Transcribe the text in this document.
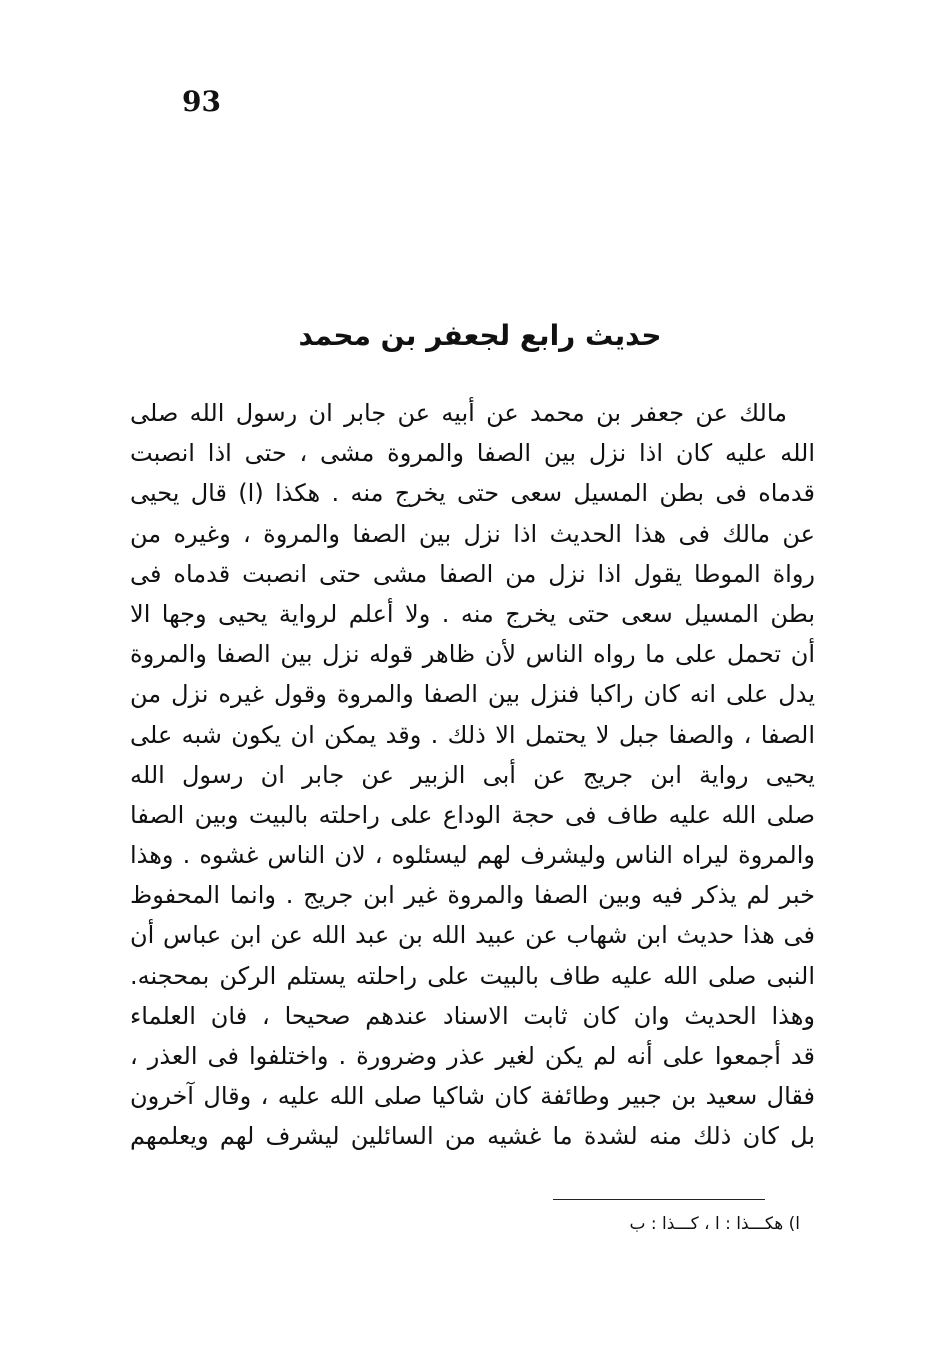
93
حديث رابع لجعفر بن محمد
مالك عن جعفر بن محمد عن أبيه عن جابر ان رسول الله صلى
الله عليه كان اذا نزل بين الصفا والمروة مشى ، حتى اذا انصبت
قدماه فى بطن المسيل سعى حتى يخرج منه . هكذا (ا) قال يحيى
عن مالك فى هذا الحديث اذا نزل بين الصفا والمروة ، وغيره من
رواة الموطا يقول اذا نزل من الصفا مشى حتى انصبت قدماه فى
بطن المسيل سعى حتى يخرج منه . ولا أعلم لرواية يحيى وجها الا
أن تحمل على ما رواه الناس لأن ظاهر قوله نزل بين الصفا والمروة
يدل على انه كان راكبا فنزل بين الصفا والمروة وقول غيره نزل من
الصفا ، والصفا جبل لا يحتمل الا ذلك . وقد يمكن ان يكون شبه على
يحيى رواية ابن جريج عن أبى الزبير عن جابر ان رسول الله
صلى الله عليه طاف فى حجة الوداع على راحلته بالبيت وبين الصفا
والمروة ليراه الناس وليشرف لهم ليسئلوه ، لان الناس غشوه . وهذا
خبر لم يذكر فيه وبين الصفا والمروة غير ابن جريج . وانما المحفوظ
فى هذا حديث ابن شهاب عن عبيد الله بن عبد الله عن ابن عباس أن
النبى صلى الله عليه طاف بالبيت على راحلته يستلم الركن بمحجنه.
وهذا الحديث وان كان ثابت الاسناد عندهم صحيحا ، فان العلماء
قد أجمعوا على أنه لم يكن لغير عذر وضرورة . واختلفوا فى العذر ،
فقال سعيد بن جبير وطائفة كان شاكيا صلى الله عليه ، وقال آخرون
بل كان ذلك منه لشدة ما غشيه من السائلين ليشرف لهم ويعلمهم
ا) هكـــذا : ا ، كـــذا : ب
